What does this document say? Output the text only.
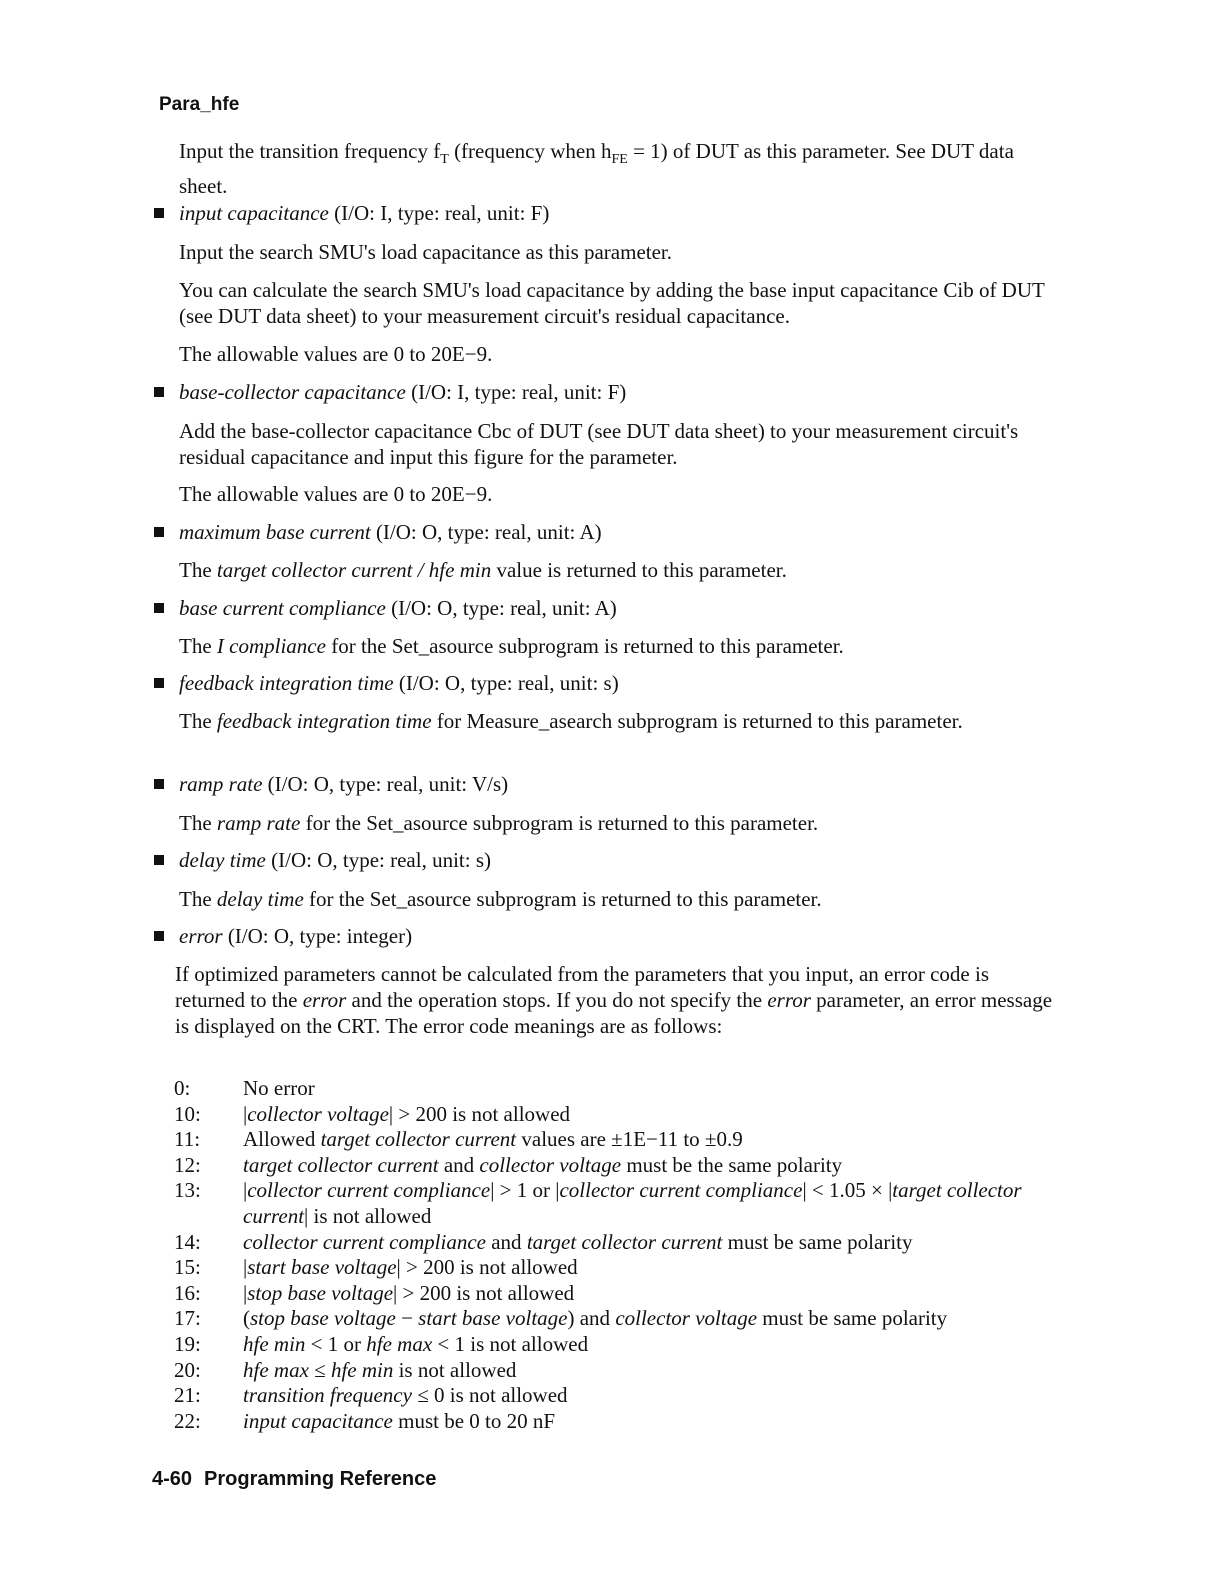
Para_hfe
Input the transition frequency $f_T$ (frequency when $h_{FE} = 1$) of DUT as this parameter. See DUT data sheet.
input capacitance (I/O: I, type: real, unit: F)
Input the search SMU's load capacitance as this parameter.
You can calculate the search SMU's load capacitance by adding the base input capacitance Cib of DUT (see DUT data sheet) to your measurement circuit's residual capacitance.
The allowable values are 0 to 20E−9.
base-collector capacitance (I/O: I, type: real, unit: F)
Add the base-collector capacitance Cbc of DUT (see DUT data sheet) to your measurement circuit's residual capacitance and input this figure for the parameter.
The allowable values are 0 to 20E−9.
maximum base current (I/O: O, type: real, unit: A)
The target collector current / hfe min value is returned to this parameter.
base current compliance (I/O: O, type: real, unit: A)
The I compliance for the Set_asource subprogram is returned to this parameter.
feedback integration time (I/O: O, type: real, unit: s)
The feedback integration time for Measure_asearch subprogram is returned to this parameter.
ramp rate (I/O: O, type: real, unit: V/s)
The ramp rate for the Set_asource subprogram is returned to this parameter.
delay time (I/O: O, type: real, unit: s)
The delay time for the Set_asource subprogram is returned to this parameter.
error (I/O: O, type: integer)
If optimized parameters cannot be calculated from the parameters that you input, an error code is returned to the error and the operation stops. If you do not specify the error parameter, an error message is displayed on the CRT. The error code meanings are as follows:
0:	No error
10:	|collector voltage| > 200 is not allowed
11:	Allowed target collector current values are ±1E−11 to ±0.9
12:	target collector current and collector voltage must be the same polarity
13:	|collector current compliance| > 1 or |collector current compliance| < 1.05 × |target collector current| is not allowed
14:	collector current compliance and target collector current must be same polarity
15:	|start base voltage| > 200 is not allowed
16:	|stop base voltage| > 200 is not allowed
17:	(stop base voltage − start base voltage) and collector voltage must be same polarity
19:	hfe min < 1 or hfe max < 1 is not allowed
20:	hfe max ≤ hfe min is not allowed
21:	transition frequency ≤ 0 is not allowed
22:	input capacitance must be 0 to 20 nF
4-60 Programming Reference
